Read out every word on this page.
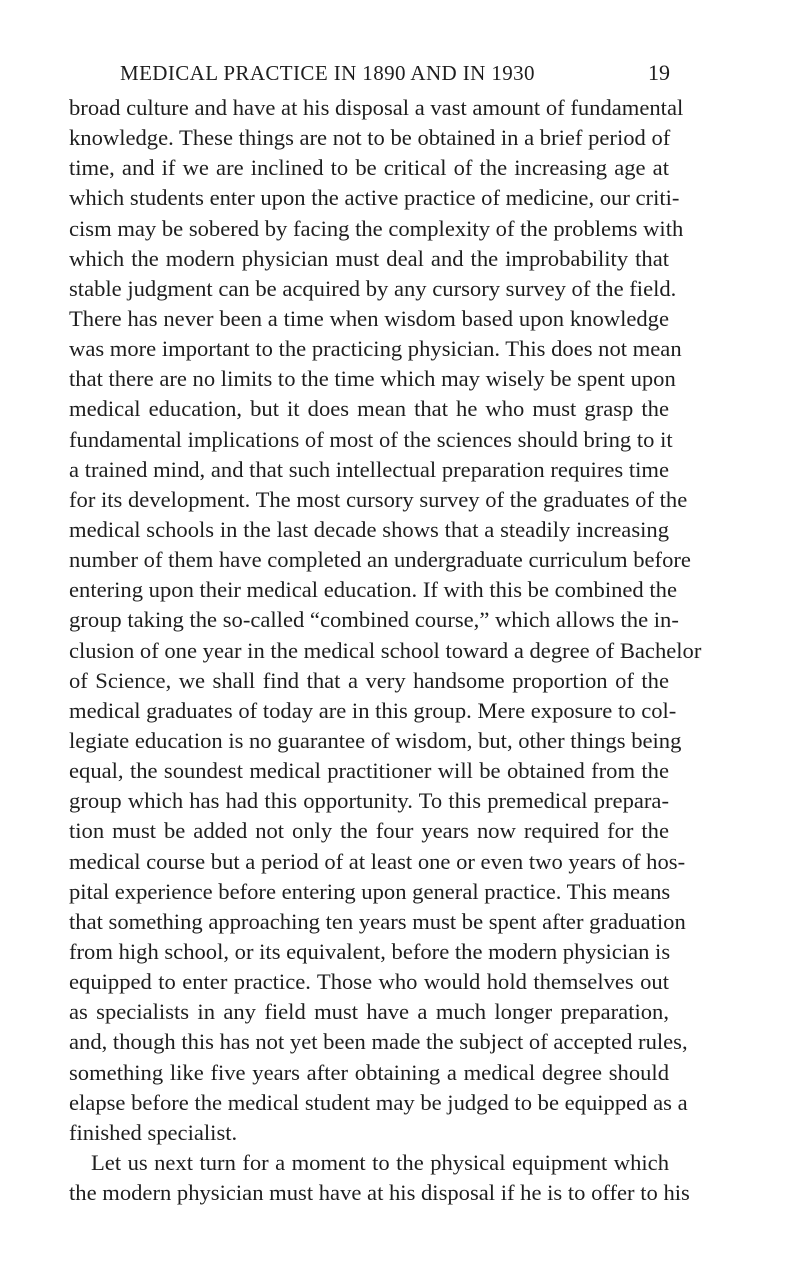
MEDICAL PRACTICE IN 1890 AND IN 1930	19
broad culture and have at his disposal a vast amount of fundamental
knowledge. These things are not to be obtained in a brief period of
time, and if we are inclined to be critical of the increasing age at
which students enter upon the active practice of medicine, our criti-
cism may be sobered by facing the complexity of the problems with
which the modern physician must deal and the improbability that
stable judgment can be acquired by any cursory survey of the field.
There has never been a time when wisdom based upon knowledge
was more important to the practicing physician. This does not mean
that there are no limits to the time which may wisely be spent upon
medical education, but it does mean that he who must grasp the
fundamental implications of most of the sciences should bring to it
a trained mind, and that such intellectual preparation requires time
for its development. The most cursory survey of the graduates of the
medical schools in the last decade shows that a steadily increasing
number of them have completed an undergraduate curriculum before
entering upon their medical education. If with this be combined the
group taking the so-called “combined course,” which allows the in-
clusion of one year in the medical school toward a degree of Bachelor
of Science, we shall find that a very handsome proportion of the
medical graduates of today are in this group. Mere exposure to col-
legiate education is no guarantee of wisdom, but, other things being
equal, the soundest medical practitioner will be obtained from the
group which has had this opportunity. To this premedical prepara-
tion must be added not only the four years now required for the
medical course but a period of at least one or even two years of hos-
pital experience before entering upon general practice. This means
that something approaching ten years must be spent after graduation
from high school, or its equivalent, before the modern physician is
equipped to enter practice. Those who would hold themselves out
as specialists in any field must have a much longer preparation,
and, though this has not yet been made the subject of accepted rules,
something like five years after obtaining a medical degree should
elapse before the medical student may be judged to be equipped as a
finished specialist.
Let us next turn for a moment to the physical equipment which
the modern physician must have at his disposal if he is to offer to his
